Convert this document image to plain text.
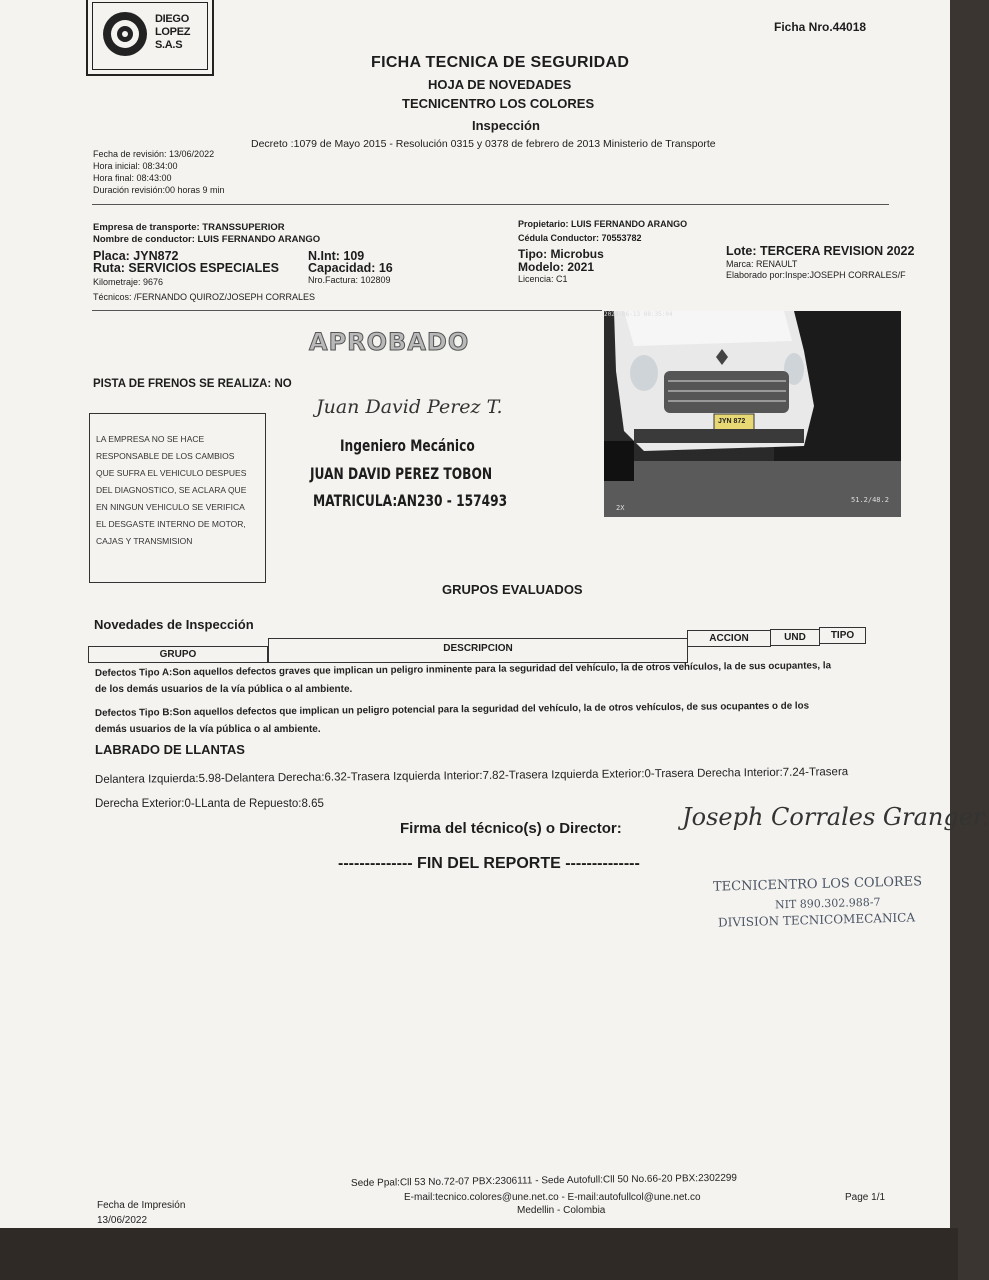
DIEGO
LOPEZ
S.A.S
Ficha Nro.44018
FICHA TECNICA DE SEGURIDAD
HOJA DE NOVEDADES
TECNICENTRO LOS COLORES
Inspección
Decreto :1079 de Mayo 2015 - Resolución 0315 y 0378 de febrero de 2013 Ministerio de Transporte
Fecha de revisión: 13/06/2022
Hora inicial: 08:34:00
Hora final: 08:43:00
Duración revisión:00 horas 9 min
Empresa de transporte: TRANSSUPERIOR
Nombre de conductor: LUIS FERNANDO ARANGO
Placa: JYN872
Ruta: SERVICIOS ESPECIALES
Kilometraje: 9676
N.Int: 109
Capacidad: 16
Nro.Factura: 102809
Técnicos: /FERNANDO QUIROZ/JOSEPH CORRALES
Propietario: LUIS FERNANDO ARANGO
Cédula Conductor: 70553782
Tipo: Microbus
Modelo: 2021
Licencia: C1
Lote: TERCERA REVISION 2022
Marca: RENAULT
Elaborado por:Inspe:JOSEPH CORRALES/F
APROBADO
PISTA DE FRENOS SE REALIZA: NO
LA EMPRESA NO SE HACE
RESPONSABLE DE LOS CAMBIOS
QUE SUFRA EL VEHICULO DESPUES
DEL DIAGNOSTICO, SE ACLARA QUE
EN NINGUN VEHICULO SE VERIFICA
EL DESGASTE INTERNO DE MOTOR,
CAJAS Y TRANSMISION
Juan David Perez T.
Ingeniero Mecánico
JUAN DAVID PEREZ TOBON
MATRICULA:AN230 - 157493
2022-06-13 08:35:04
JYN 872
2X
51.2/48.2
GRUPOS EVALUADOS
Novedades de Inspección
GRUPO
DESCRIPCION
ACCION	UND	TIPO
Defectos Tipo A:Son aquellos defectos graves que implican un peligro inminente para la seguridad del vehículo, la de otros vehículos, la de sus ocupantes, la
de los demás usuarios de la vía pública o al ambiente.
Defectos Tipo B:Son aquellos defectos que implican un peligro potencial para la seguridad del vehículo, la de otros vehículos, de sus ocupantes o de los
demás usuarios de la vía pública o al ambiente.
LABRADO DE LLANTAS
Delantera Izquierda:5.98-Delantera Derecha:6.32-Trasera Izquierda Interior:7.82-Trasera Izquierda Exterior:0-Trasera Derecha Interior:7.24-Trasera
Derecha Exterior:0-LLanta de Repuesto:8.65
Firma del técnico(s) o Director:	Joseph Corrales Granger.
-------------- FIN DEL REPORTE --------------
TECNICENTRO LOS COLORES
NIT 890.302.988-7
DIVISION TECNICOMECANICA
Fecha de Impresión
13/06/2022
Sede Ppal:Cll 53 No.72-07 PBX:2306111 - Sede Autofull:Cll 50 No.66-20 PBX:2302299
E-mail:tecnico.colores@une.net.co - E-mail:autofullcol@une.net.co
Medellin - Colombia
Page 1/1
